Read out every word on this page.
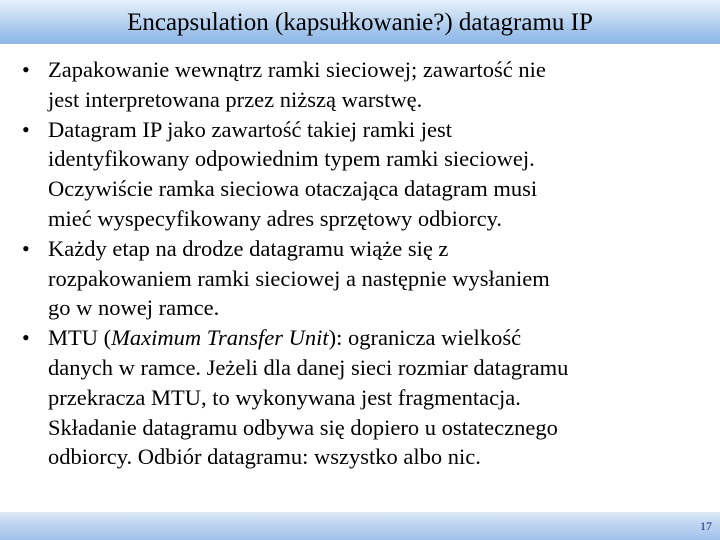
Encapsulation (kapsułkowanie?) datagramu IP
• Zapakowanie wewnątrz ramki sieciowej; zawartość nie
jest interpretowana przez niższą warstwę.
• Datagram IP jako zawartość takiej ramki jest
identyfikowany odpowiednim typem ramki sieciowej.
Oczywiście ramka sieciowa otaczająca datagram musi
mieć wyspecyfikowany adres sprzętowy odbiorcy.
• Każdy etap na drodze datagramu wiąże się z
rozpakowaniem ramki sieciowej a następnie wysłaniem
go w nowej ramce.
• MTU (Maximum Transfer Unit): ogranicza wielkość
danych w ramce. Jeżeli dla danej sieci rozmiar datagramu
przekracza MTU, to wykonywana jest fragmentacja.
Składanie datagramu odbywa się dopiero u ostatecznego
odbiorcy. Odbiór datagramu: wszystko albo nic.
17
